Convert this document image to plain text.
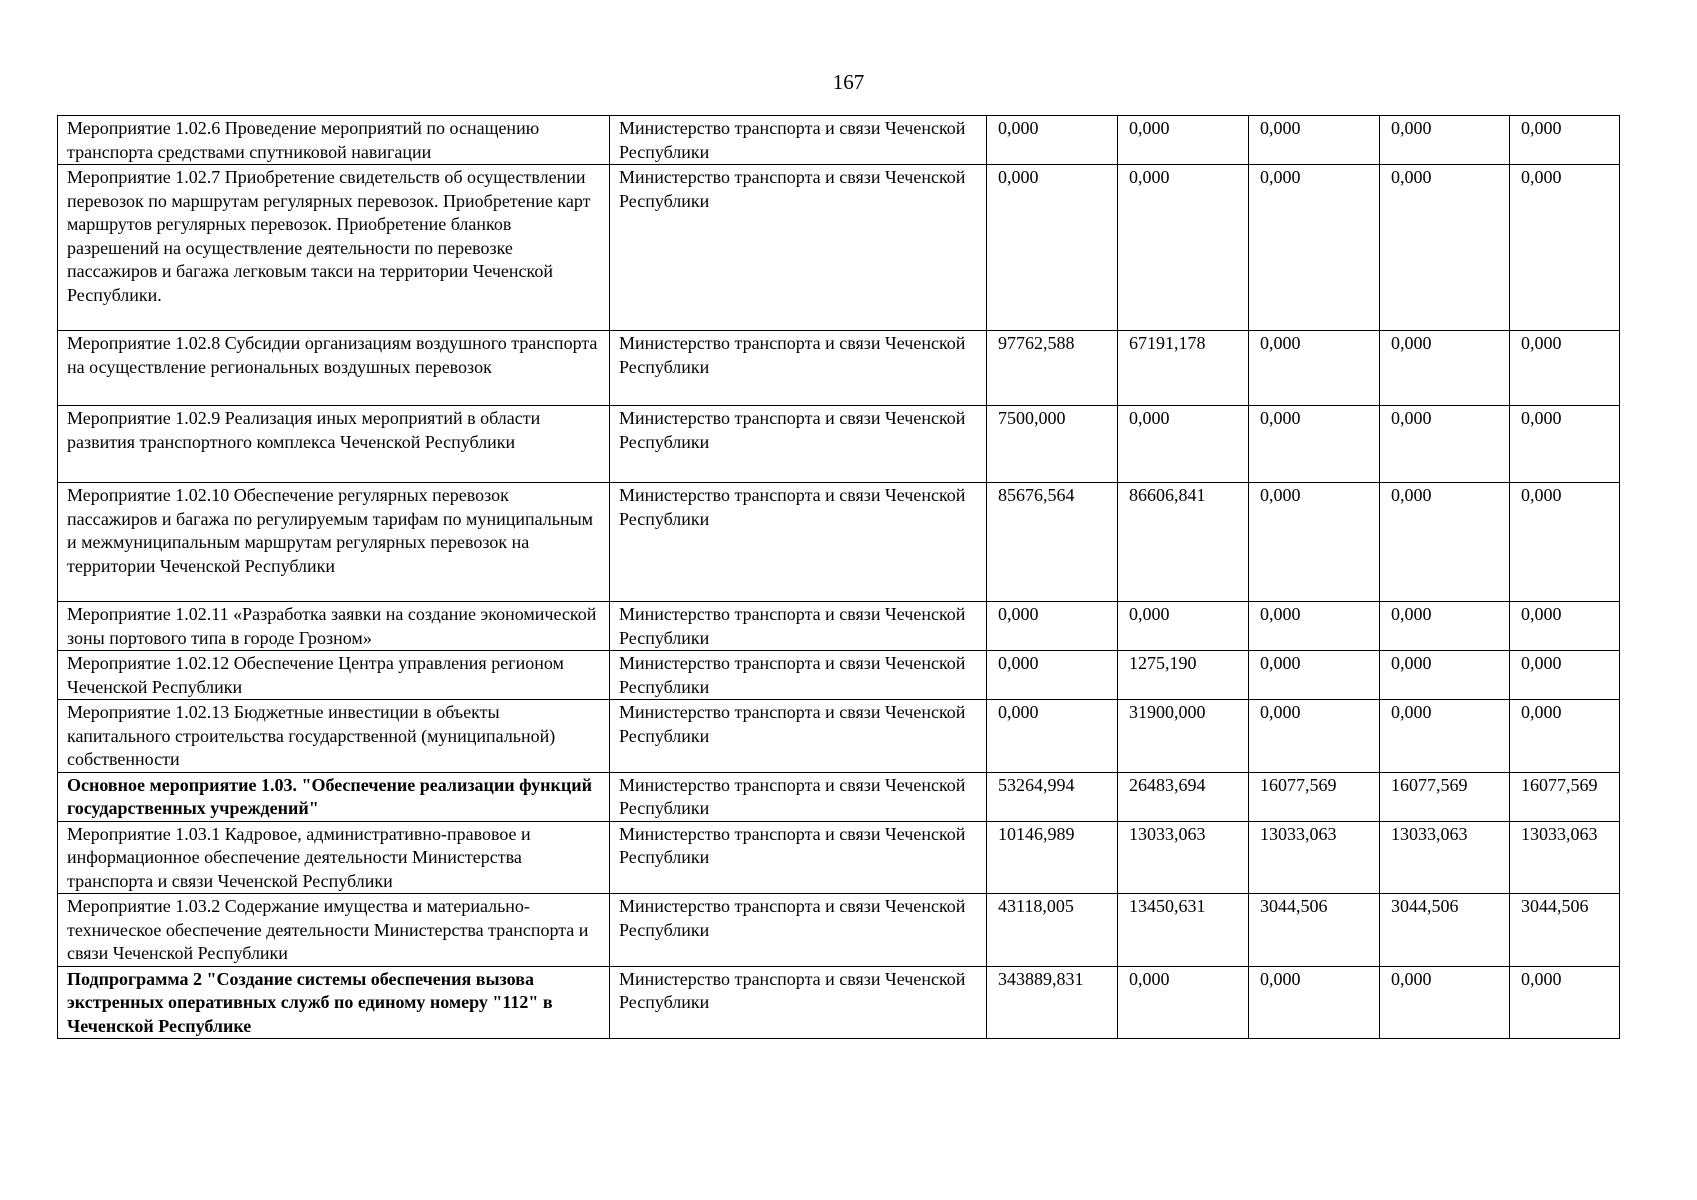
167
Мероприятие 1.02.6 Проведение мероприятий по оснащению транспорта средствами спутниковой навигации	Министерство транспорта и связи Чеченской Республики	0,000	0,000	0,000	0,000	0,000
Мероприятие 1.02.7 Приобретение свидетельств об осуществлении перевозок по маршрутам регулярных перевозок. Приобретение карт маршрутов регулярных перевозок. Приобретение бланков разрешений на осуществление деятельности по перевозке пассажиров и багажа легковым такси на территории Чеченской Республики.	Министерство транспорта и связи Чеченской Республики	0,000	0,000	0,000	0,000	0,000
Мероприятие 1.02.8 Субсидии организациям воздушного транспорта на осуществление региональных воздушных перевозок	Министерство транспорта и связи Чеченской Республики	97762,588	67191,178	0,000	0,000	0,000
Мероприятие 1.02.9 Реализация иных мероприятий в области развития транспортного комплекса Чеченской Республики	Министерство транспорта и связи Чеченской Республики	7500,000	0,000	0,000	0,000	0,000
Мероприятие 1.02.10 Обеспечение регулярных перевозок пассажиров и багажа по регулируемым тарифам по муниципальным и межмуниципальным маршрутам регулярных перевозок на территории Чеченской Республики	Министерство транспорта и связи Чеченской Республики	85676,564	86606,841	0,000	0,000	0,000
Мероприятие 1.02.11 «Разработка заявки на создание экономической зоны портового типа в городе Грозном»	Министерство транспорта и связи Чеченской Республики	0,000	0,000	0,000	0,000	0,000
Мероприятие 1.02.12 Обеспечение Центра управления регионом Чеченской Республики	Министерство транспорта и связи Чеченской Республики	0,000	1275,190	0,000	0,000	0,000
Мероприятие 1.02.13 Бюджетные инвестиции в объекты капитального строительства государственной (муниципальной) собственности	Министерство транспорта и связи Чеченской Республики	0,000	31900,000	0,000	0,000	0,000
Основное мероприятие 1.03. "Обеспечение реализации функций государственных учреждений"	Министерство транспорта и связи Чеченской Республики	53264,994	26483,694	16077,569	16077,569	16077,569
Мероприятие 1.03.1 Кадровое, административно-правовое и информационное обеспечение деятельности Министерства транспорта и связи Чеченской Республики	Министерство транспорта и связи Чеченской Республики	10146,989	13033,063	13033,063	13033,063	13033,063
Мероприятие 1.03.2 Содержание имущества и материально-техническое обеспечение деятельности Министерства транспорта и связи Чеченской Республики	Министерство транспорта и связи Чеченской Республики	43118,005	13450,631	3044,506	3044,506	3044,506
Подпрограмма 2 "Создание системы обеспечения вызова экстренных оперативных служб по единому номеру "112" в Чеченской Республике	Министерство транспорта и связи Чеченской Республики	343889,831	0,000	0,000	0,000	0,000
